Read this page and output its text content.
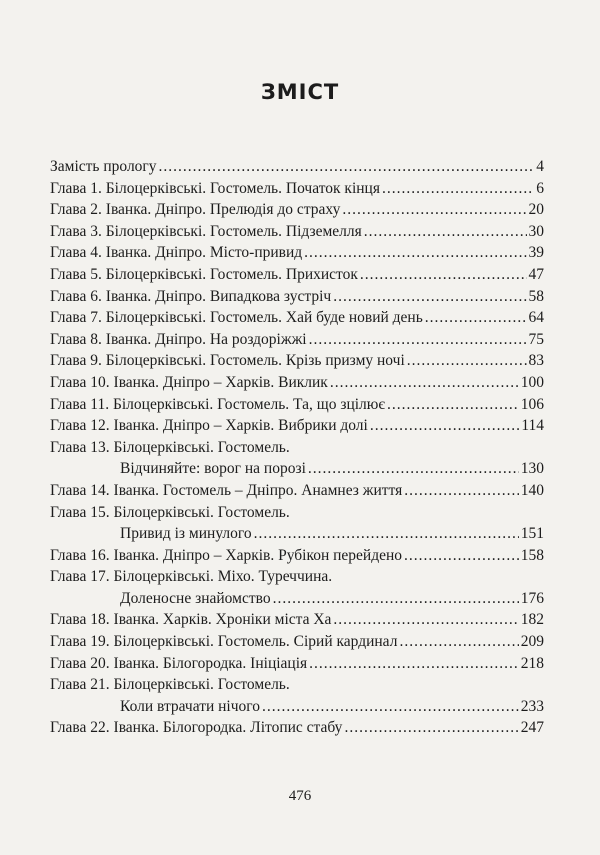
ЗМІСТ
Замість прологу .....	4
Глава 1. Білоцерківські. Гостомель. Початок кінця .....	6
Глава 2. Іванка. Дніпро. Прелюдія до страху .....	20
Глава 3. Білоцерківські. Гостомель. Підземелля .....	30
Глава 4. Іванка. Дніпро. Місто-привид .....	39
Глава 5. Білоцерківські. Гостомель. Прихисток .....	47
Глава 6. Іванка. Дніпро. Випадкова зустріч .....	58
Глава 7. Білоцерківські. Гостомель. Хай буде новий день .....	64
Глава 8. Іванка. Дніпро. На роздоріжжі .....	75
Глава 9. Білоцерківські. Гостомель. Крізь призму ночі .....	83
Глава 10. Іванка. Дніпро – Харків. Виклик .....	100
Глава 11. Білоцерківські. Гостомель. Та, що зцілює .....	106
Глава 12. Іванка. Дніпро – Харків. Вибрики долі .....	114
Глава 13. Білоцерківські. Гостомель.
Відчиняйте: ворог на порозі .....	130
Глава 14. Іванка. Гостомель – Дніпро. Анамнез життя .....	140
Глава 15. Білоцерківські. Гостомель.
Привид із минулого .....	151
Глава 16. Іванка. Дніпро – Харків. Рубікон перейдено .....	158
Глава 17. Білоцерківські. Міхо. Туреччина.
Доленосне знайомство .....	176
Глава 18. Іванка. Харків. Хроніки міста Ха .....	182
Глава 19. Білоцерківські. Гостомель. Сірий кардинал .....	209
Глава 20. Іванка. Білогородка. Ініціація .....	218
Глава 21. Білоцерківські. Гостомель.
Коли втрачати нічого .....	233
Глава 22. Іванка. Білогородка. Літопис стабу .....	247
476
